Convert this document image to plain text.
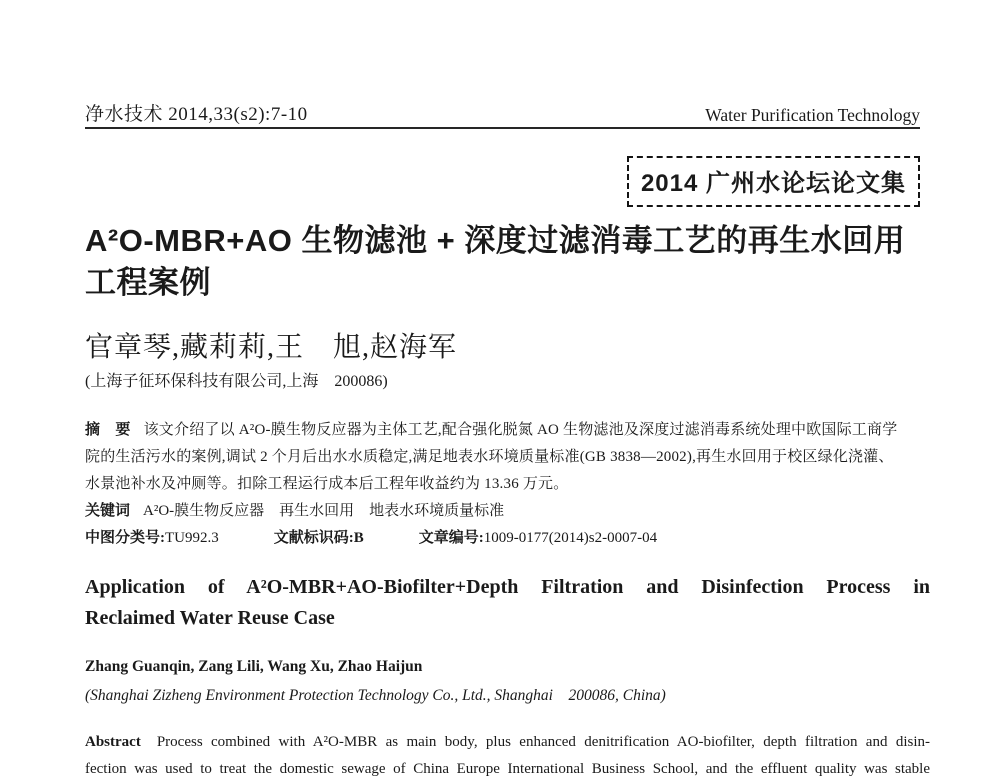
净水技术 2014,33(s2):7-10	Water Purification Technology
2014 广州水论坛论文集
A²O-MBR+AO 生物滤池 + 深度过滤消毒工艺的再生水回用
工程案例
官章琴,藏莉莉,王　旭,赵海军
(上海子征环保科技有限公司,上海　200086)
摘　要 该文介绍了以 A²O-膜生物反应器为主体工艺,配合强化脱氮 AO 生物滤池及深度过滤消毒系统处理中欧国际工商学
院的生活污水的案例,调试 2 个月后出水水质稳定,满足地表水环境质量标准(GB 3838—2002),再生水回用于校区绿化浇灌、
水景池补水及冲厕等。扣除工程运行成本后工程年收益约为 13.36 万元。
关键词 A²O-膜生物反应器　再生水回用　地表水环境质量标准
中图分类号:TU992.3	文献标识码:B	文章编号:1009-0177(2014)s2-0007-04
Application of A²O-MBR+AO-Biofilter+Depth Filtration and Disinfection Process in
Reclaimed Water Reuse Case
Zhang Guanqin, Zang Lili, Wang Xu, Zhao Haijun
(Shanghai Zizheng Environment Protection Technology Co., Ltd., Shanghai　200086, China)
Abstract Process combined with A²O-MBR as main body, plus enhanced denitrification AO-biofilter, depth filtration and disin-
fection was used to treat the domestic sewage of China Europe International Business School, and the effluent quality was stable
